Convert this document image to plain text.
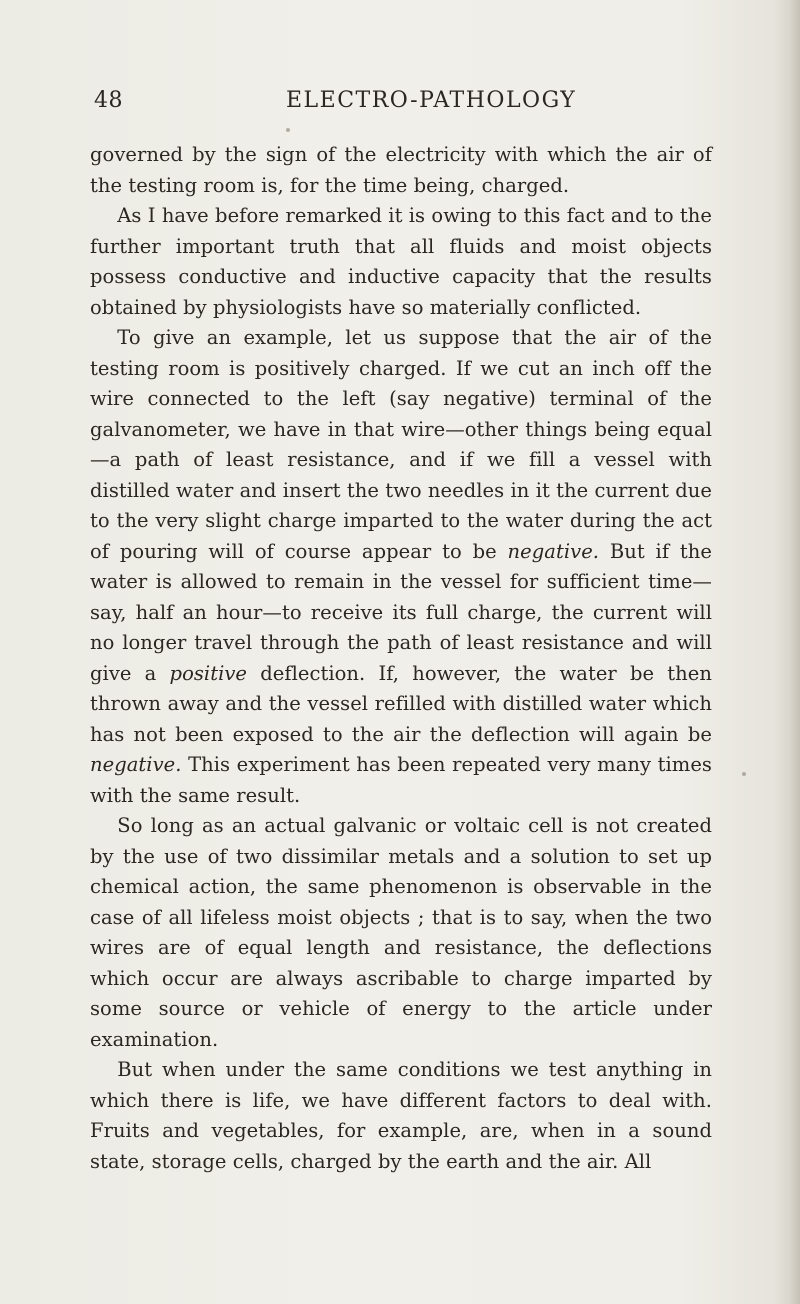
48	ELECTRO-PATHOLOGY

governed by the sign of the electricity with which the air of the testing room is, for the time being, charged.

As I have before remarked it is owing to this fact and to the further important truth that all fluids and moist objects possess conductive and inductive capacity that the results obtained by physiologists have so materially conflicted.

To give an example, let us suppose that the air of the testing room is positively charged. If we cut an inch off the wire connected to the left (say negative) terminal of the galvanometer, we have in that wire—other things being equal—a path of least resistance, and if we fill a vessel with distilled water and insert the two needles in it the current due to the very slight charge imparted to the water during the act of pouring will of course appear to be negative. But if the water is allowed to remain in the vessel for sufficient time—say, half an hour—to receive its full charge, the current will no longer travel through the path of least resistance and will give a positive deflection. If, however, the water be then thrown away and the vessel refilled with distilled water which has not been exposed to the air the deflection will again be negative. This experiment has been repeated very many times with the same result.

So long as an actual galvanic or voltaic cell is not created by the use of two dissimilar metals and a solution to set up chemical action, the same phenomenon is observable in the case of all lifeless moist objects ; that is to say, when the two wires are of equal length and resistance, the deflections which occur are always ascribable to charge imparted by some source or vehicle of energy to the article under examination.

But when under the same conditions we test anything in which there is life, we have different factors to deal with. Fruits and vegetables, for example, are, when in a sound state, storage cells, charged by the earth and the air. All
